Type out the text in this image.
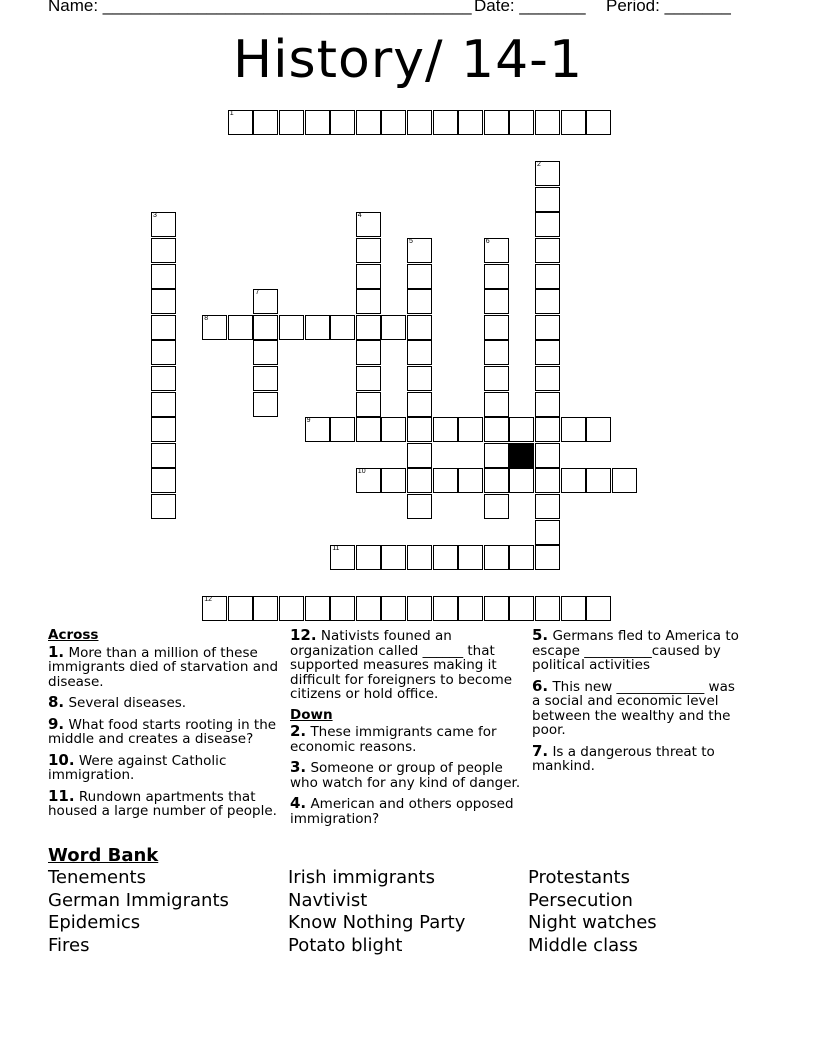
Name: _______________________________________ Date: _______ Period: _______
History/ 14-1
1
8
9
10
11
12
2
3	4
5	6
7
Across
1. More than a million of these immigrants died of starvation and disease.
8. Several diseases.
9. What food starts rooting in the middle and creates a disease?
10. Were against Catholic immigration.
11. Rundown apartments that housed a large number of people.
12. Nativists founed an organization called ______ that supported measures making it difficult for foreigners to become citizens or hold office.
Down
2. These immigrants came for economic reasons.
3. Someone or group of people who watch for any kind of danger.
4. American and others opposed immigration?
5. Germans fled to America to escape __________caused by political activities
6. This new _____________ was a social and economic level between the wealthy and the poor.
7. Is a dangerous threat to mankind.
Word Bank
Tenements
German Immigrants
Epidemics
Fires
Irish immigrants
Navtivist
Know Nothing Party
Potato blight
Protestants
Persecution
Night watches
Middle class
